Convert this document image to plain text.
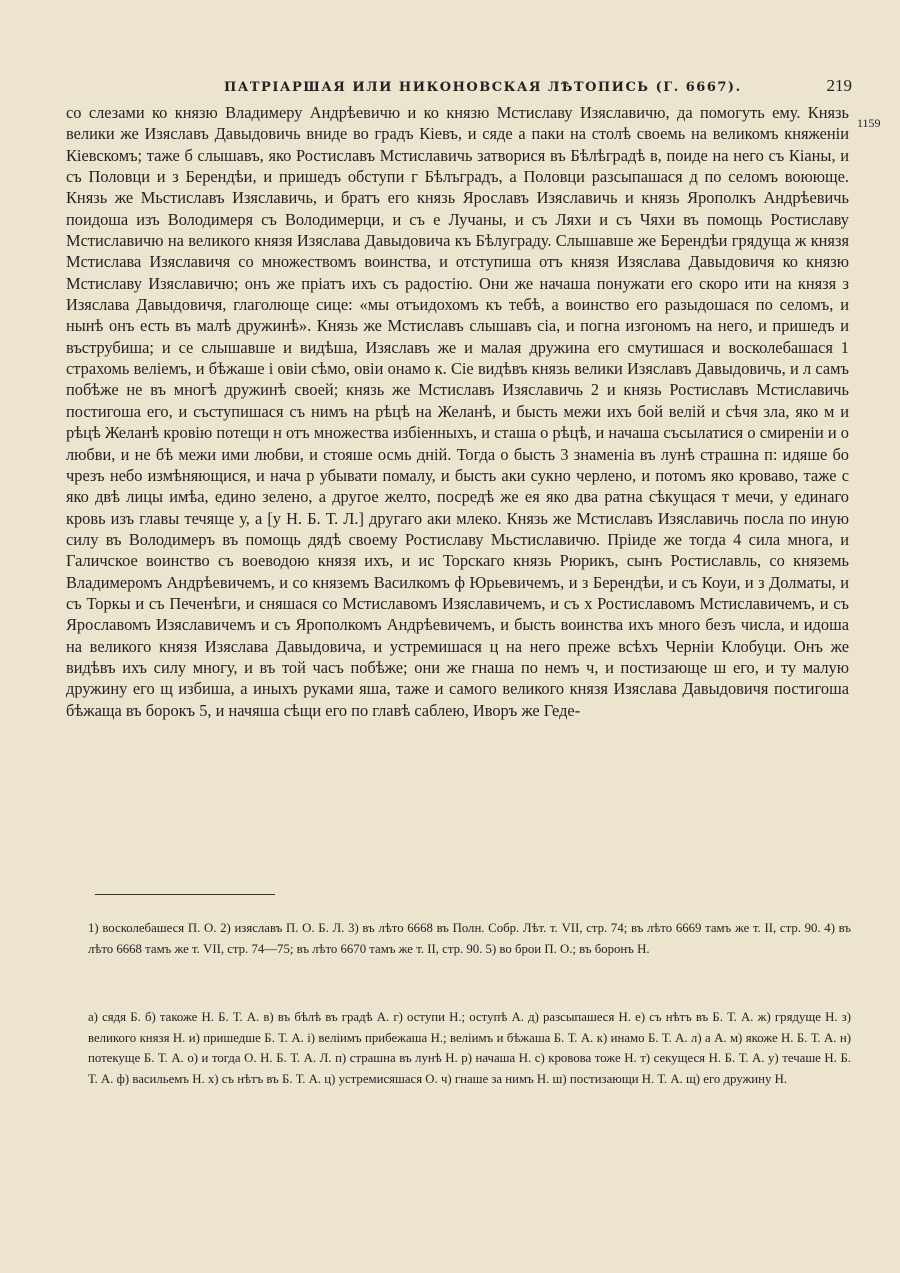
ПАТРІАРШАЯ ИЛИ НИКОНОВСКАЯ ЛѢТОПИСЬ (Г. 6667).	219
1159

со слезами ко князю Владимеру Андрѣевичю и ко князю Мстиславу Изяславичю, да помогуть ему. Князь велики же Изяславъ Давыдовичь вниде во градъ Кіевъ, и сяде а паки на столѣ своемь на великомъ княженіи Кіевскомъ; таже б слышавъ, яко Ростиславъ Мстиславичь затворися въ Бѣлѣградѣ в, поиде на него съ Кіаны, и съ Половци и з Берендѣи, и пришедъ обступи г Бѣлъградъ, а Половци разсыпашася д по селомъ воююще. Князь же Мьстиславъ Изяславичь, и братъ его князь Ярославъ Изяславичь и князь Ярополкъ Андрѣевичь поидоша изъ Володимеря съ Володимерци, и съ е Лучаны, и съ Ляхи и съ Чяхи въ помощь Ростиславу Мстиславичю на великого князя Изяслава Давыдовича къ Бѣлуграду. Слышавше же Берендѣи грядуща ж князя Мстислава Изяславичя со множествомъ воинства, и отступиша отъ князя Изяслава Давыдовичя ко князю Мстиславу Изяславичю; онъ же пріатъ ихъ съ радостію. Они же начаша понужати его скоро ити на князя з Изяслава Давыдовичя, глаголюще сице: «мы отъидохомъ къ тебѣ, а воинство его разыдошася по селомъ, и нынѣ онъ есть въ малѣ дружинѣ». Князь же Мстиславъ слышавъ сіа, и погна изгономъ на него, и пришедъ и въструбиша; и се слышавше и видѣша, Изяславъ же и малая дружина его смутишася и восколебашася 1 страхомь велiемъ, и бѣжаше і овіи сѣмо, овіи онамо к. Сіе видѣвъ князь велики Изяславъ Давыдовичь, и л самъ побѣже не въ многѣ дружинѣ своей; князь же Мстиславъ Изяславичь 2 и князь Ростиславъ Мстиславичь постигоша его, и съступишася съ нимъ на рѣцѣ на Желанѣ, и бысть межи ихъ бой велій и сѣчя зла, яко м и рѣцѣ Желанѣ кровію потещи н отъ множества избіенныхъ, и сташа о рѣцѣ, и начаша съсылатися о смиреніи и о любви, и не бѣ межи ими любви, и стояше осмь дній. Тогда о бысть 3 знаменіа въ лунѣ страшна п: идяше бо чрезъ небо измѣняющися, и нача р убывати помалу, и бысть аки сукно черлено, и потомъ яко кроваво, таже с яко двѣ лицы имѣа, едино зелено, а другое желто, посредѣ же ея яко два ратна сѣкущася т мечи, у единаго кровь изъ главы течяще у, а [у Н. Б. Т. Л.] другаго аки млеко. Князь же Мстиславъ Изяславичь посла по иную силу въ Володимеръ въ помощь дядѣ своему Ростиславу Мьстиславичю. Пріиде же тогда 4 сила многа, и Галичское воинство съ воеводою князя ихъ, и ис Торскаго князь Рюрикъ, сынъ Ростиславль, со княземь Владимеромъ Андрѣевичемъ, и со княземъ Василкомъ ф Юрьевичемъ, и з Берендѣи, и съ Коуи, и з Долматы, и съ Торкы и съ Печенѣги, и сняшася со Мстиславомъ Изяславичемъ, и съ х Ростиславомъ Мстиславичемъ, и съ Ярославомъ Изяславичемъ и съ Ярополкомъ Андрѣевичемъ, и бысть воинства ихъ много безъ числа, и идоша на великого князя Изяслава Давыдовича, и устремишася ц на него преже всѣхъ Черніи Клобуци. Онъ же видѣвъ ихъ силу многу, и въ той часъ побѣже; они же гнаша по немъ ч, и постизающе ш его, и ту малую дружину его щ избиша, а иныхъ руками яша, таже и самого великого князя Изяслава Давыдовичя постигоша бѣжаща въ борокъ 5, и начяша сѣщи его по главѣ саблею, Иворъ же Геде-

1) восколебашеся П. О. 2) изяславъ П. О. Б. Л. 3) въ лѣто 6668 въ Полн. Собр. Лѣт. т. VII, стр. 74; въ лѣто 6669 тамъ же т. II, стр. 90. 4) въ лѣто 6668 тамъ же т. VII, стр. 74—75; въ лѣто 6670 тамъ же т. II, стр. 90. 5) во брои П. О.; въ боронъ Н.

а) сядя Б. б) такоже Н. Б. Т. А. в) въ бѣлѣ въ градѣ А. г) оступи Н.; оступѣ А. д) разсыпашеся Н. е) съ нѣтъ въ Б. Т. А. ж) грядуще Н. з) великого князя Н. и) пришедше Б. Т. А. і) велiимъ прибежаша Н.; велiимъ и бѣжаша Б. Т. А. к) инамо Б. Т. А. л) а А. м) якоже Н. Б. Т. А. н) потекуще Б. Т. А. о) и тогда О. Н. Б. Т. А. Л. п) страшна въ лунѣ Н. р) начаша Н. с) кровова тоже Н. т) секущеся Н. Б. Т. А. у) течаше Н. Б. Т. А. ф) васильемъ Н. х) съ нѣтъ въ Б. Т. А. ц) устремисяшася О. ч) гнаше за нимъ Н. ш) постизающи Н. Т. А. щ) его дружину Н.
